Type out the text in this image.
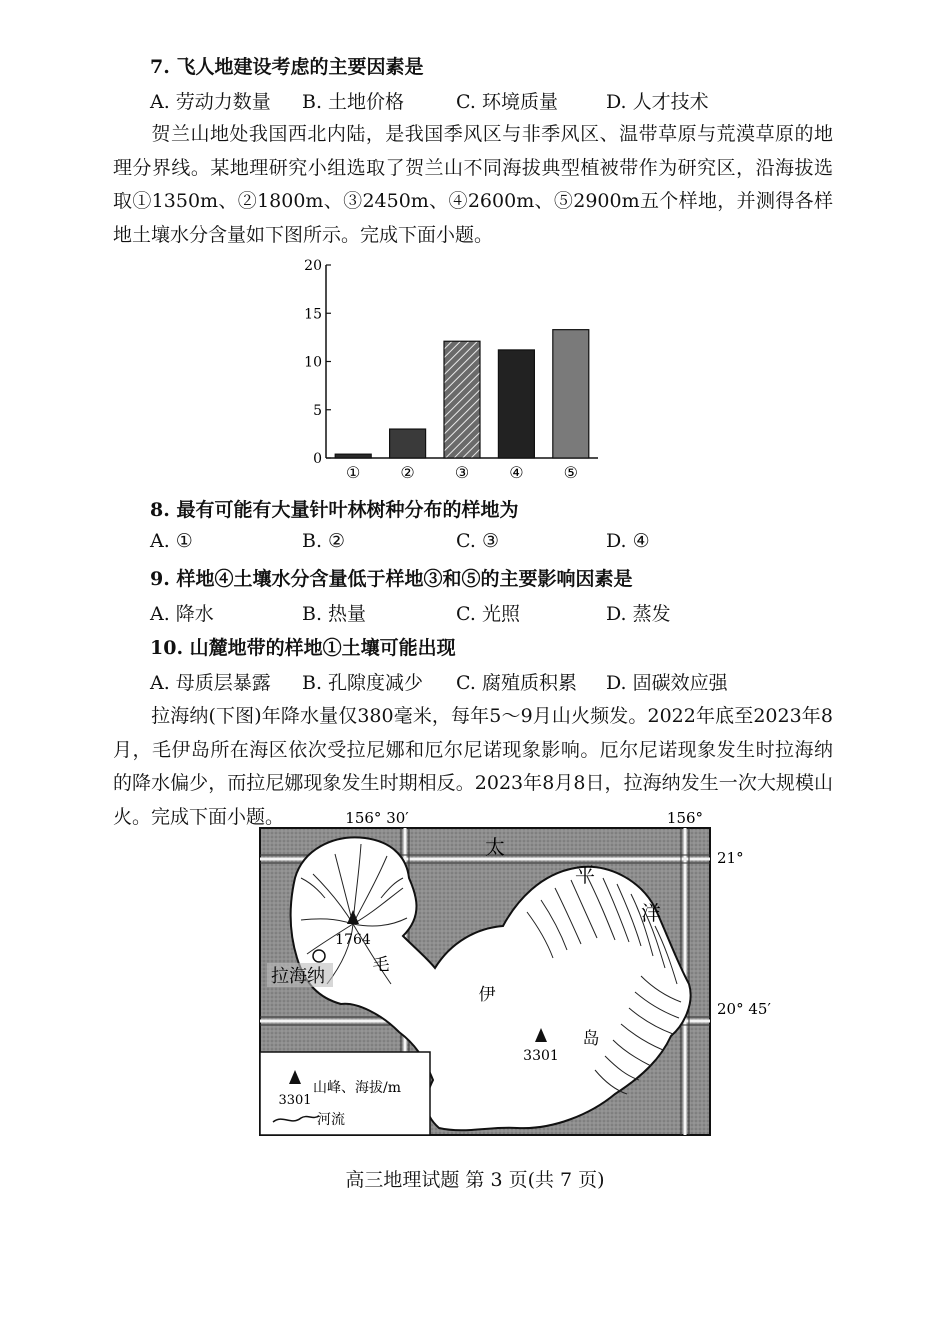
7. 飞人地建设考虑的主要因素是
A. 劳动力数量 B. 土地价格	C. 环境质量	D. 人才技术
贺兰山地处我国西北内陆，是我国季风区与非季风区、温带草原与荒漠草原的地理分界线。某地理研究小组选取了贺兰山不同海拔典型植被带作为研究区，沿海拔选取①1350m、②1800m、③2450m、④2600m、⑤2900m五个样地，并测得各样地土壤水分含量如下图所示。完成下面小题。
0
5
10
15
20
①	②	③	④	⑤
8. 最有可能有大量针叶林树种分布的样地为
A. ①	B. ②	C. ③	D. ④
9. 样地④土壤水分含量低于样地③和⑤的主要影响因素是
A. 降水	B. 热量	C. 光照	D. 蒸发
10. 山麓地带的样地①土壤可能出现
A. 母质层暴露 B. 孔隙度减少 C. 腐殖质积累 D. 固碳效应强
拉海纳(下图)年降水量仅380毫米，每年5～9月山火频发。2022年底至2023年8月，毛伊岛所在海区依次受拉尼娜和厄尔尼诺现象影响。厄尔尼诺现象发生时拉海纳的降水偏少，而拉尼娜现象发生时期相反。2023年8月8日，拉海纳发生一次大规模山火。完成下面小题。	156° 30′	156°
21°
20° 45′
1764
3301
拉海纳
太
平
洋
毛
伊
岛
3301
山峰、海拔/m
河流
高三地理试题 第 3 页(共 7 页)
